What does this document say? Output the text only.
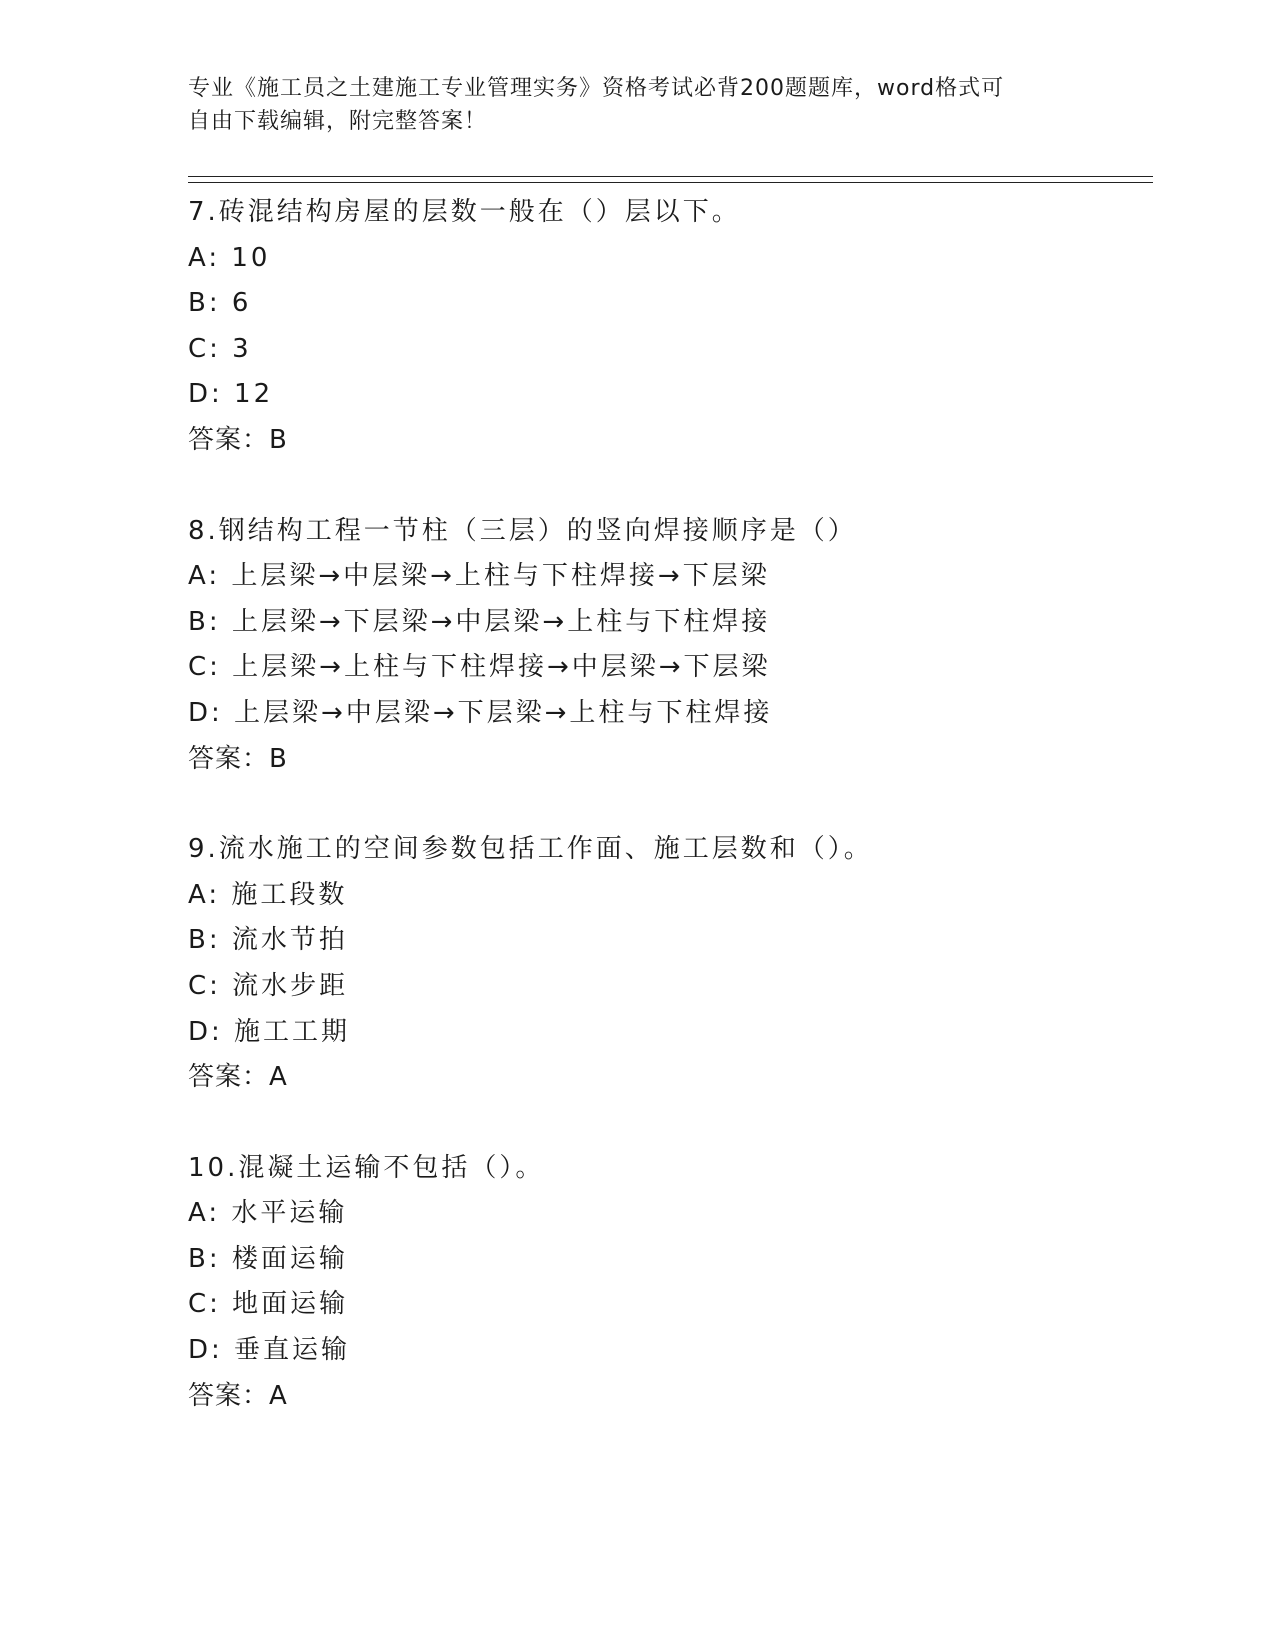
专业《施工员之土建施工专业管理实务》资格考试必背200题题库，word格式可
自由下载编辑，附完整答案！
7.砖混结构房屋的层数一般在（）层以下。
A: 10
B: 6
C: 3
D: 12
答案：B
8.钢结构工程一节柱（三层）的竖向焊接顺序是（）
A: 上层梁→中层梁→上柱与下柱焊接→下层梁
B: 上层梁→下层梁→中层梁→上柱与下柱焊接
C: 上层梁→上柱与下柱焊接→中层梁→下层梁
D: 上层梁→中层梁→下层梁→上柱与下柱焊接
答案：B
9.流水施工的空间参数包括工作面、施工层数和（）。
A: 施工段数
B: 流水节拍
C: 流水步距
D: 施工工期
答案：A
10.混凝土运输不包括（）。
A: 水平运输
B: 楼面运输
C: 地面运输
D: 垂直运输
答案：A
